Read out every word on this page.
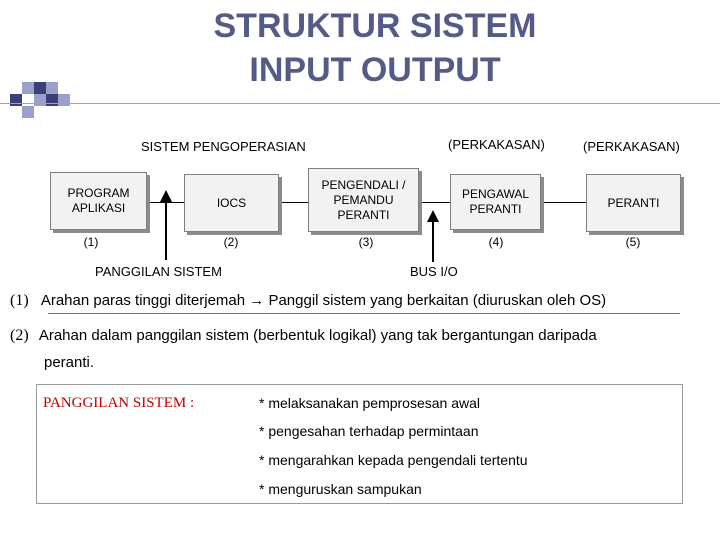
STRUKTUR SISTEM
INPUT OUTPUT
SISTEM PENGOPERASIAN	(PERKAKASAN)	(PERKAKASAN)
PROGRAM APLIKASI	IOCS
PENGENDALI / PEMANDU PERANTI
PENGAWAL PERANTI	PERANTI
(1)	(2)	(3)	(4)	(5)
PANGGILAN SISTEM	BUS I/O
(1) Arahan paras tinggi diterjemah → Panggil sistem yang berkaitan (diuruskan oleh OS)
(2) Arahan dalam panggilan sistem (berbentuk logikal) yang tak bergantungan daripada
peranti.
PANGGILAN SISTEM :	* melaksanakan pemprosesan awal
* pengesahan terhadap permintaan
* mengarahkan kepada pengendali tertentu
* menguruskan sampukan
